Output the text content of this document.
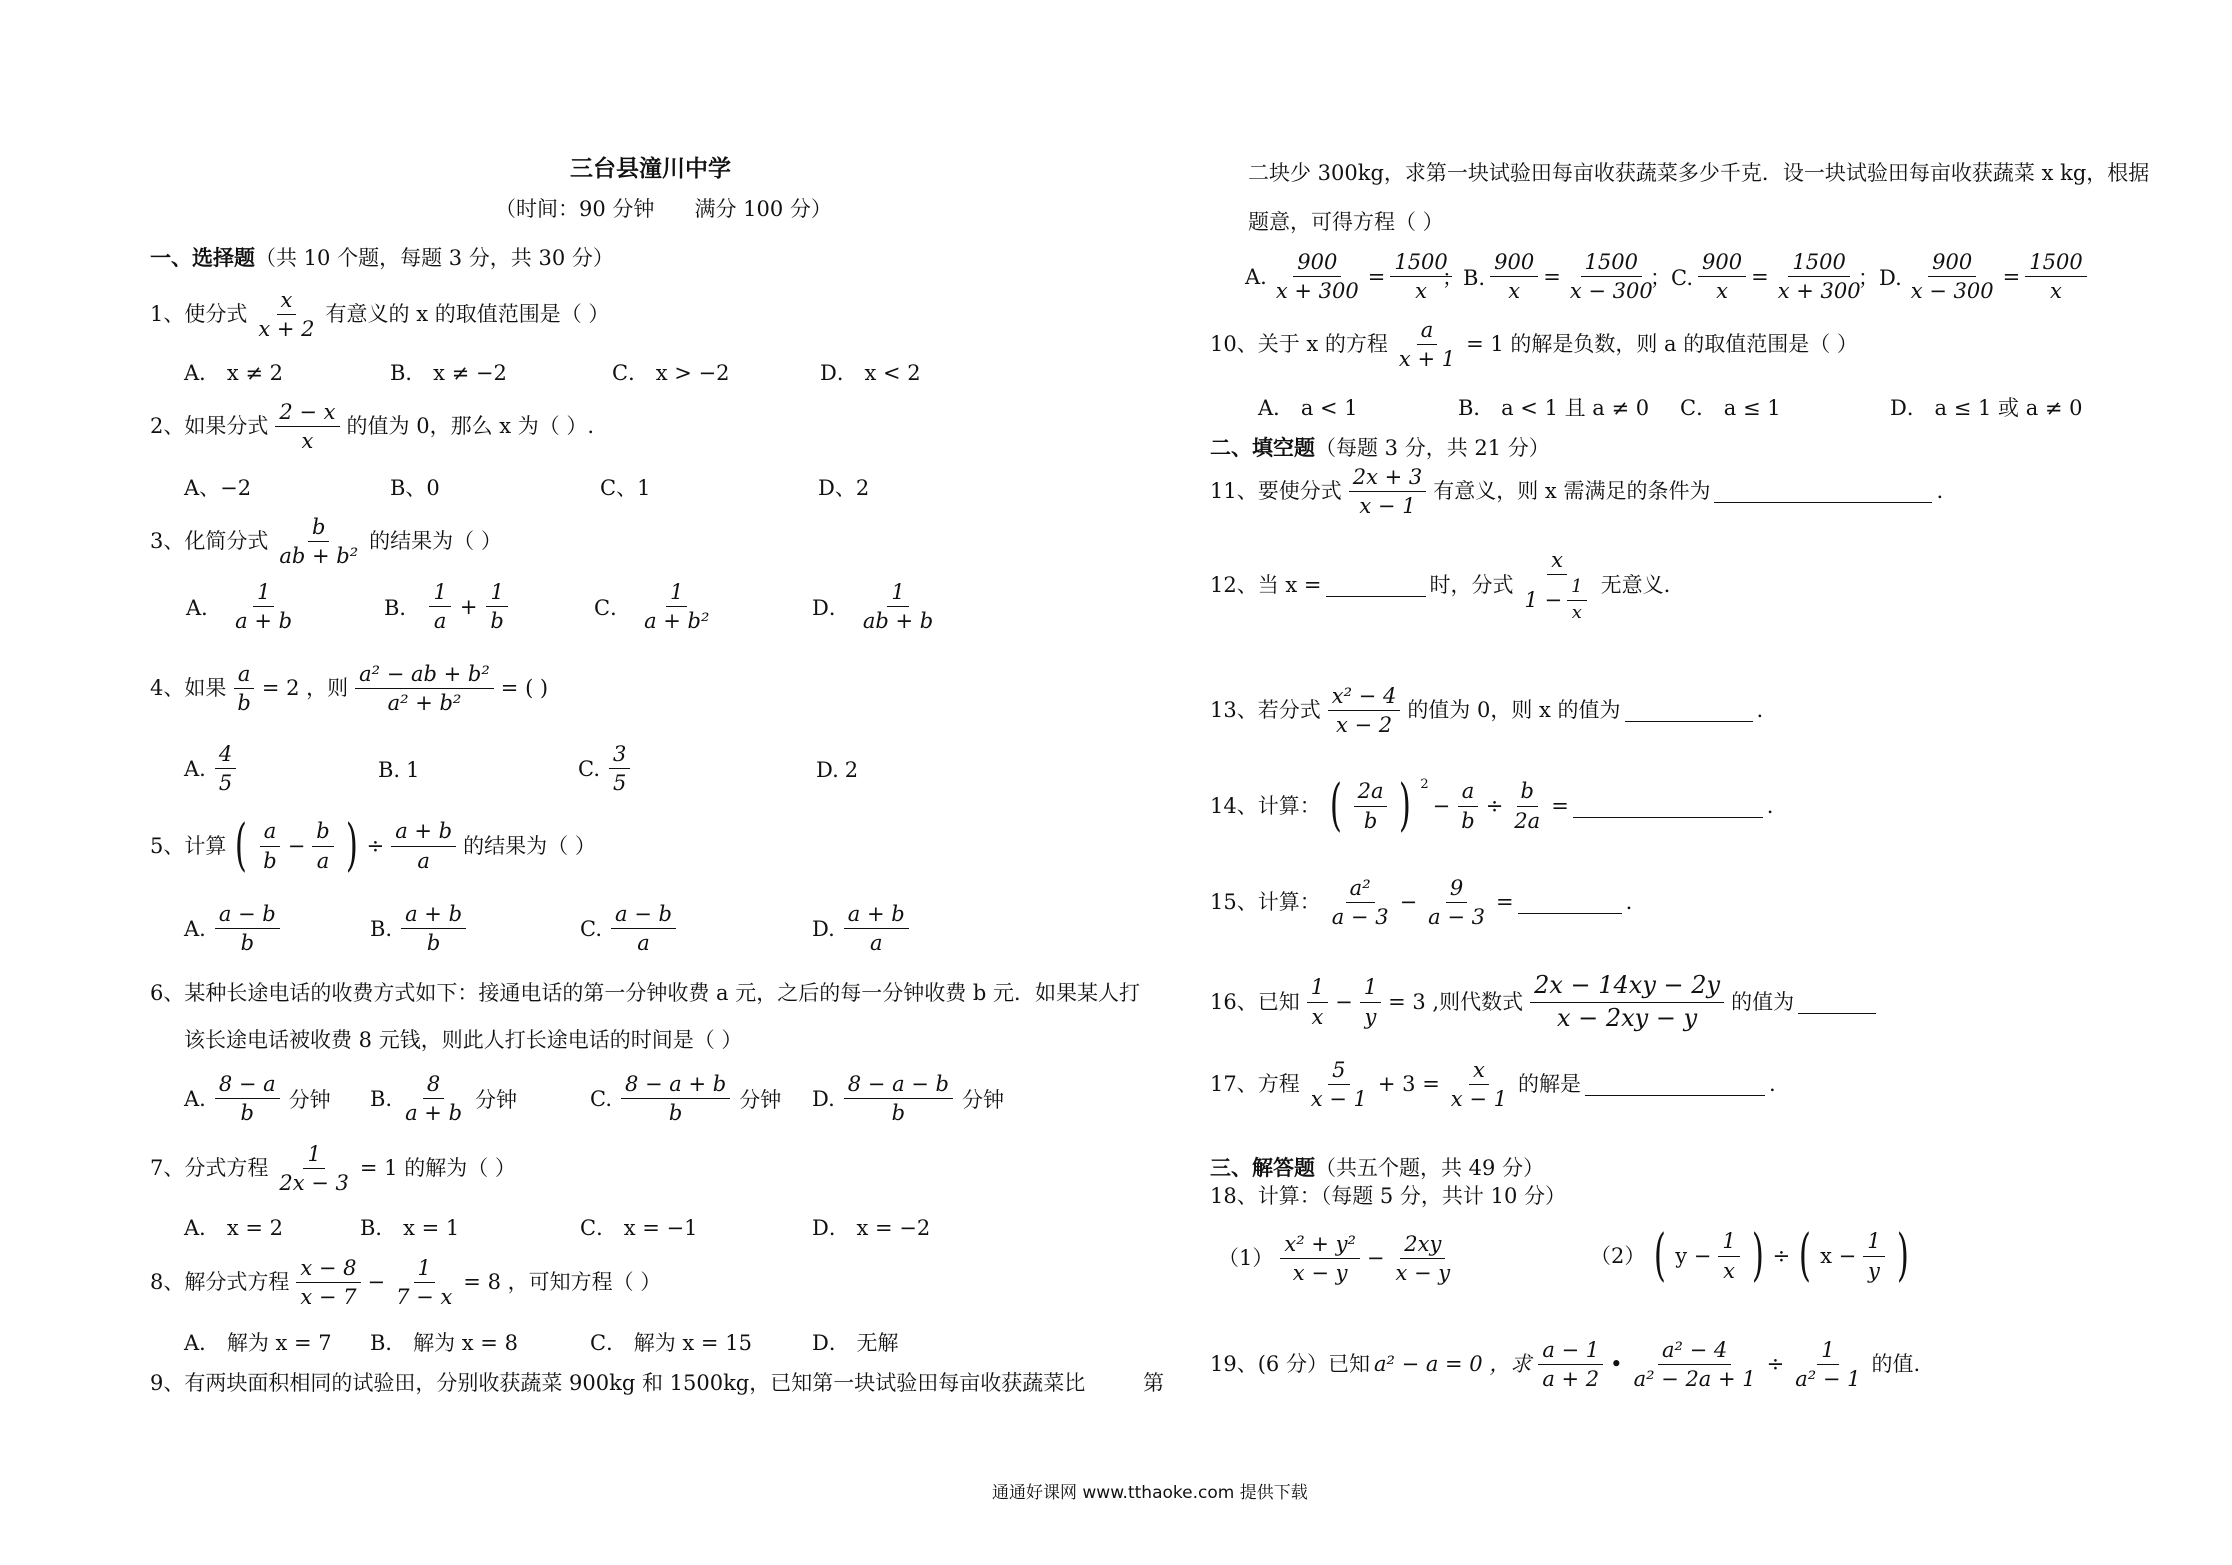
三台县潼川中学
（时间：90 分钟      满分 100 分）
一、选择题（共 10 个题，每题 3 分，共 30 分）
1、使分式 $\frac{x}{x + 2}$ 有意义的 x 的取值范围是（ ）
A． x ≠ 2	B． x ≠ −2	C． x > −2	D． x < 2
2、如果分式 $\frac{2 - x}{x}$ 的值为 0，那么 x 为（ ）.
A、−2	B、0	C、1	D、2
3、化简分式 $\frac{b}{\text{ab + b²}}$ 的结果为（ ）
A． $\frac{1}{a + b}$	B． $\frac{1}{a} + \frac{1}{b}$	C． $\frac{1}{\text{a + b²}}$	D． $\frac{1}{ab + b}$
4、如果 $\frac{a}{b} = 2$ ，则 $\frac{\text{a² − ab + b²}}{\text{a² + b²}}$ = ( )
A. $\frac{4}{5}$	B. 1	C. $\frac{3}{5}$	D. 2
5、计算 ( $\frac{a}{b} - \frac{b}{a}$ ) ÷ $\frac{a + b}{a}$ 的结果为（ ）
A. $\frac{a - b}{b}$	B. $\frac{a + b}{b}$	C. $\frac{a - b}{a}$	D. $\frac{a + b}{a}$
6、某种长途电话的收费方式如下：接通电话的第一分钟收费 a 元，之后的每一分钟收费 b 元．如果某人打
该长途电话被收费 8 元钱，则此人打长途电话的时间是（ ）
A. $\frac{8 - a}{b}$ 分钟 B. $\frac{8}{a + b}$ 分钟	C. $\frac{8 - a + b}{b}$ 分钟 D. $\frac{8 - a - b}{b}$ 分钟
7、分式方程 $\frac{1}{2x - 3} = 1$ 的解为（ ）
A． x = 2	B． x = 1	C． x = −1	D． x = −2
8、解分式方程 $\frac{x - 8}{x - 7} - \frac{1}{7 - x} = 8$ ，可知方程（ ）
A． 解为 x = 7 B． 解为 x = 8	C． 解为 x = 15	D． 无解
9、有两块面积相同的试验田，分别收获蔬菜 900kg 和 1500kg，已知第一块试验田每亩收获蔬菜比	第
二块少 300kg，求第一块试验田每亩收获蔬菜多少千克．设一块试验田每亩收获蔬菜 x kg，根据
题意，可得方程（ ）
A. $\frac{900}{x + 300} = \frac{1500}{x}$
；B. $\frac{900}{x} = \frac{1500}{x - 300}$
；C. $\frac{900}{x} = \frac{1500}{x + 300}$
；D. $\frac{900}{x - 300} = \frac{1500}{x}$
10、关于 x 的方程 $\frac{a}{x + 1} = 1$ 的解是负数，则 a 的取值范围是（ ）
A． a < 1	B． a < 1 且 a ≠ 0 C． a ≤ 1	D． a ≤ 1 或 a ≠ 0
二、填空题（每题 3 分，共 21 分）
11、要使分式 $\frac{2x + 3}{x - 1}$ 有意义，则 x 需满足的条件为	.
12、当 x =	时，分式 $\frac{x}{1 - \frac{1}{x}}$ 无意义.
13、若分式 $\frac{\text{x² − 4}}{x - 2}$ 的值为 0，则 x 的值为	.
14、计算： ( $\frac{2a}{b}$ ) $^2$
− $\frac{a}{b} \div \frac{b}{2a}$ =	.
15、计算： $\frac{\text{a²}}{a - 3} - \frac{9}{a - 3}$ =	.
16、已知 $\frac{1}{x} - \frac{1}{y} = 3$ ,则代数式 $\frac{2x - 14xy - 2y}{x - 2xy - y}$ 的值为
17、方程 $\frac{5}{x - 1} + 3 = \frac{x}{x - 1}$ 的解是	.
三、解答题（共五个题，共 49 分）
18、计算：（每题 5 分，共计 10 分）
$(1) \frac{\text{x² + y²}}{x - y} - \frac{2xy}{x - y}$	（2） ( $y - \frac{1}{x}$ ) ÷ ( $x - \frac{1}{y}$ )
19、(6 分）已知 a² − a = 0 ，求 $\frac{a - 1}{a + 2}$ • $\frac{\text{a² − 4}}{\text{a² − 2a + 1}} \div \frac{1}{\text{a² − 1}}$ 的值.
通通好课网 www.tthaoke.com 提供下载
